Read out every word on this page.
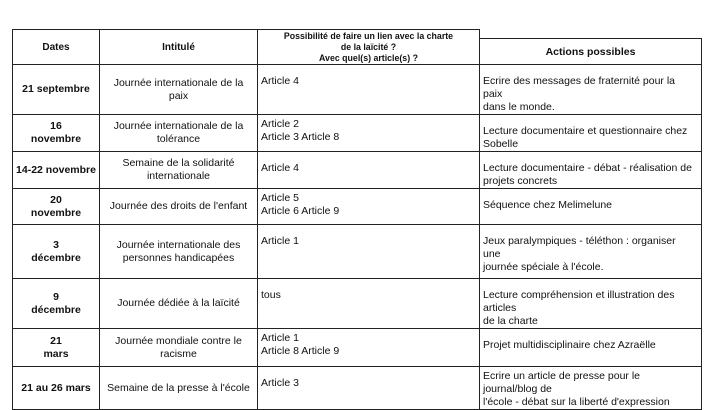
Dates	Intitulé	Possibilité de faire un lien avec la charte
de la laïcité ?
Avec quel(s) article(s) ?	

			Actions possibles

21 septembre	Journée internationale de la
paix	Article 4	Ecrire des messages de fraternité pour la paix
dans le monde.

16
novembre	Journée internationale de la
tolérance	Article 2
Article 3 Article 8	Lecture documentaire et questionnaire chez
Sobelle

14-22 novembre	Semaine de la solidarité
internationale	Article 4	Lecture documentaire - débat - réalisation de
projets concrets

20
novembre	Journée des droits de l'enfant	Article 5
Article 6 Article 9	Séquence chez Melimelune

3
décembre	Journée internationale des
personnes handicapées	Article 1	Jeux paralympiques - téléthon : organiser une
journée spéciale à l'école.

9
décembre	Journée dédiée à la laïcité	tous	Lecture compréhension et illustration des articles
de la charte

21
mars	Journée mondiale contre le
racisme	Article 1
Article 8 Article 9	Projet multidisciplinaire chez Azraëlle

21 au 26 mars	Semaine de la presse à l'école	Article 3	Ecrire un article de presse pour le journal/blog de
l'école - débat sur la liberté d'expression
